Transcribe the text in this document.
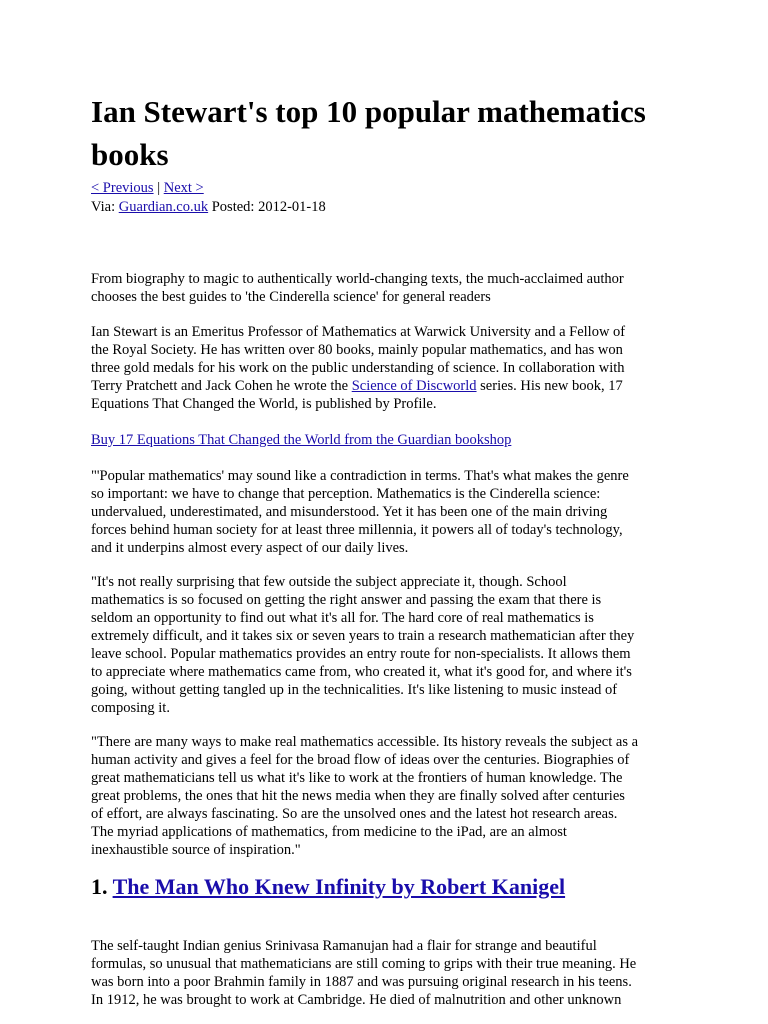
Ian Stewart's top 10 popular mathematics books
< Previous | Next >
Via: Guardian.co.uk Posted: 2012-01-18

From biography to magic to authentically world-changing texts, the much-acclaimed author
chooses the best guides to 'the Cinderella science' for general readers

Ian Stewart is an Emeritus Professor of Mathematics at Warwick University and a Fellow of
the Royal Society. He has written over 80 books, mainly popular mathematics, and has won
three gold medals for his work on the public understanding of science. In collaboration with
Terry Pratchett and Jack Cohen he wrote the Science of Discworld series. His new book, 17
Equations That Changed the World, is published by Profile.

Buy 17 Equations That Changed the World from the Guardian bookshop

"'Popular mathematics' may sound like a contradiction in terms. That's what makes the genre
so important: we have to change that perception. Mathematics is the Cinderella science:
undervalued, underestimated, and misunderstood. Yet it has been one of the main driving
forces behind human society for at least three millennia, it powers all of today's technology,
and it underpins almost every aspect of our daily lives.

"It's not really surprising that few outside the subject appreciate it, though. School
mathematics is so focused on getting the right answer and passing the exam that there is
seldom an opportunity to find out what it's all for. The hard core of real mathematics is
extremely difficult, and it takes six or seven years to train a research mathematician after they
leave school. Popular mathematics provides an entry route for non-specialists. It allows them
to appreciate where mathematics came from, who created it, what it's good for, and where it's
going, without getting tangled up in the technicalities. It's like listening to music instead of
composing it.

"There are many ways to make real mathematics accessible. Its history reveals the subject as a
human activity and gives a feel for the broad flow of ideas over the centuries. Biographies of
great mathematicians tell us what it's like to work at the frontiers of human knowledge. The
great problems, the ones that hit the news media when they are finally solved after centuries
of effort, are always fascinating. So are the unsolved ones and the latest hot research areas.
The myriad applications of mathematics, from medicine to the iPad, are an almost
inexhaustible source of inspiration."

1. The Man Who Knew Infinity by Robert Kanigel

The self-taught Indian genius Srinivasa Ramanujan had a flair for strange and beautiful
formulas, so unusual that mathematicians are still coming to grips with their true meaning. He
was born into a poor Brahmin family in 1887 and was pursuing original research in his teens.
In 1912, he was brought to work at Cambridge. He died of malnutrition and other unknown
